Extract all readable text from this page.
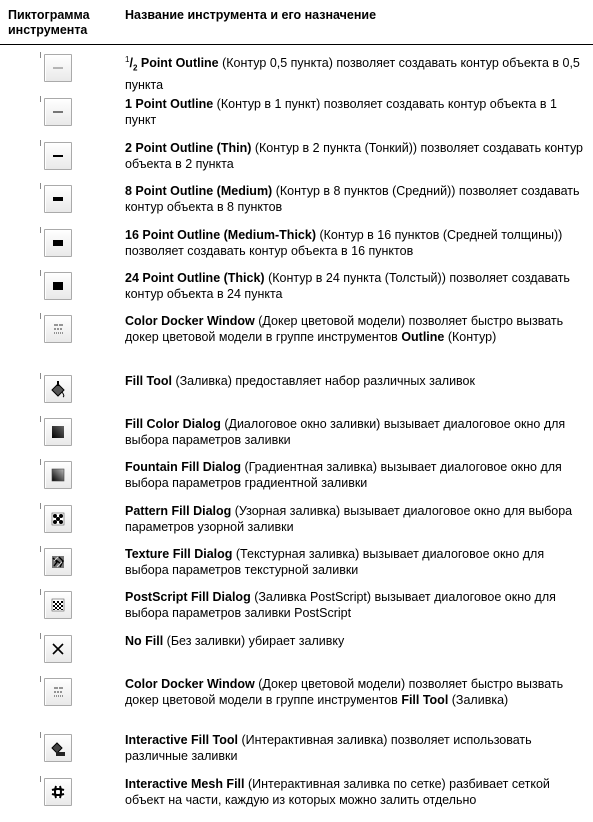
Пиктограмма инструмента
Название инструмента и его назначение
$^1/_2$ Point Outline (Контур 0,5 пункта) позволяет создавать контур объекта в 0,5 пункта
1 Point Outline (Контур в 1 пункт) позволяет создавать контур объекта в 1 пункт
2 Point Outline (Thin) (Контур в 2 пункта (Тонкий)) позволяет создавать контур объекта в 2 пункта
8 Point Outline (Medium) (Контур в 8 пунктов (Средний)) позволяет создавать контур объекта в 8 пунктов
16 Point Outline (Medium-Thick) (Контур в 16 пунктов (Средней толщины)) позволяет создавать контур объекта в 16 пунктов
24 Point Outline (Thick) (Контур в 24 пункта (Толстый)) позволяет создавать контур объекта в 24 пункта
Color Docker Window (Докер цветовой модели) позволяет быстро вызвать докер цветовой модели в группе инструментов Outline (Контур)
Fill Tool (Заливка) предоставляет набор различных заливок
Fill Color Dialog (Диалоговое окно заливки) вызывает диалоговое окно для выбора параметров заливки
Fountain Fill Dialog (Градиентная заливка) вызывает диалоговое окно для выбора параметров градиентной заливки
Pattern Fill Dialog (Узорная заливка) вызывает диалоговое окно для выбора параметров узорной заливки
Texture Fill Dialog (Текстурная заливка) вызывает диалоговое окно для выбора параметров текстурной заливки
PostScript Fill Dialog (Заливка PostScript) вызывает диалоговое окно для выбора параметров заливки PostScript
No Fill (Без заливки) убирает заливку
Color Docker Window (Докер цветовой модели) позволяет быстро вызвать докер цветовой модели в группе инструментов Fill Tool (Заливка)
Interactive Fill Tool (Интерактивная заливка) позволяет использовать различные заливки
Interactive Mesh Fill (Интерактивная заливка по сетке) разбивает сеткой объект на части, каждую из которых можно залить отдельно
